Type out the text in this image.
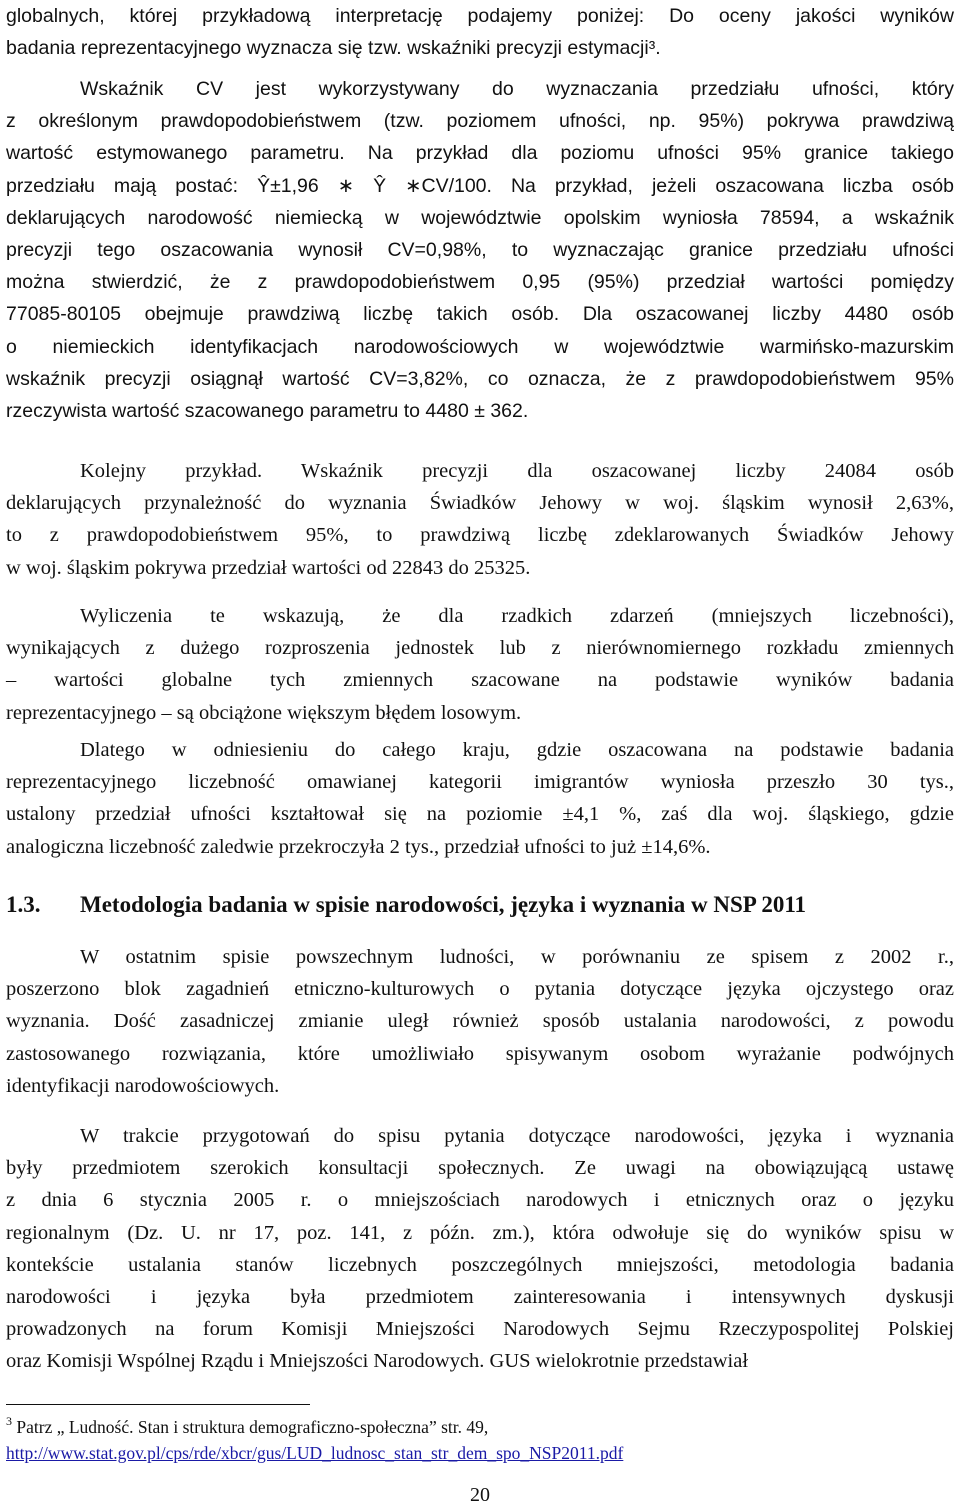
globalnych, której przykładową interpretację podajemy poniżej: Do oceny jakości wyników
badania reprezentacyjnego wyznacza się tzw. wskaźniki precyzji estymacji³.
Wskaźnik CV jest wykorzystywany do wyznaczania przedziału ufności, który
z określonym prawdopodobieństwem (tzw. poziomem ufności, np. 95%) pokrywa prawdziwą
wartość estymowanego parametru. Na przykład dla poziomu ufności 95% granice takiego
przedziału mają postać: Ŷ±1,96 ∗ Ŷ ∗CV/100. Na przykład, jeżeli oszacowana liczba osób
deklarujących narodowość niemiecką w województwie opolskim wyniosła 78594, a wskaźnik
precyzji tego oszacowania wynosił CV=0,98%, to wyznaczając granice przedziału ufności
można stwierdzić, że z prawdopodobieństwem 0,95 (95%) przedział wartości pomiędzy
77085-80105 obejmuje prawdziwą liczbę takich osób. Dla oszacowanej liczby 4480 osób
o niemieckich identyfikacjach narodowościowych w województwie warmińsko-mazurskim
wskaźnik precyzji osiągnął wartość CV=3,82%, co oznacza, że z prawdopodobieństwem 95%
rzeczywista wartość szacowanego parametru to 4480 ± 362.
Kolejny przykład. Wskaźnik precyzji dla oszacowanej liczby 24084 osób
deklarujących przynależność do wyznania Świadków Jehowy w woj. śląskim wynosił 2,63%,
to z prawdopodobieństwem 95%, to prawdziwą liczbę zdeklarowanych Świadków Jehowy
w woj. śląskim pokrywa przedział wartości od 22843 do 25325.
Wyliczenia te wskazują, że dla rzadkich zdarzeń (mniejszych liczebności),
wynikających z dużego rozproszenia jednostek lub z nierównomiernego rozkładu zmiennych
– wartości globalne tych zmiennych szacowane na podstawie wyników badania
reprezentacyjnego – są obciążone większym błędem losowym.
Dlatego w odniesieniu do całego kraju, gdzie oszacowana na podstawie badania
reprezentacyjnego liczebność omawianej kategorii imigrantów wyniosła przeszło 30 tys.,
ustalony przedział ufności kształtował się na poziomie ±4,1 %, zaś dla woj. śląskiego, gdzie
analogiczna liczebność zaledwie przekroczyła 2 tys., przedział ufności to już ±14,6%.
W ostatnim spisie powszechnym ludności, w porównaniu ze spisem z 2002 r.,
poszerzono blok zagadnień etniczno-kulturowych o pytania dotyczące języka ojczystego oraz
wyznania. Dość zasadniczej zmianie uległ również sposób ustalania narodowości, z powodu
zastosowanego rozwiązania, które umożliwiało spisywanym osobom wyrażanie podwójnych
identyfikacji narodowościowych.
W trakcie przygotowań do spisu pytania dotyczące narodowości, języka i wyznania
były przedmiotem szerokich konsultacji społecznych. Ze uwagi na obowiązującą ustawę
z dnia 6 stycznia 2005 r. o mniejszościach narodowych i etnicznych oraz o języku
regionalnym (Dz. U. nr 17, poz. 141, z późn. zm.), która odwołuje się do wyników spisu w
kontekście ustalania stanów liczebnych poszczególnych mniejszości, metodologia badania
narodowości i języka była przedmiotem zainteresowania i intensywnych dyskusji
prowadzonych na forum Komisji Mniejszości Narodowych Sejmu Rzeczypospolitej Polskiej
oraz Komisji Wspólnej Rządu i Mniejszości Narodowych. GUS wielokrotnie przedstawiał
1.3. Metodologia badania w spisie narodowości, języka i wyznania w NSP 2011
$^3$ Patrz „ Ludność. Stan i struktura demograficzno-społeczna” str. 49,
http://www.stat.gov.pl/cps/rde/xbcr/gus/LUD_ludnosc_stan_str_dem_spo_NSP2011.pdf
20
